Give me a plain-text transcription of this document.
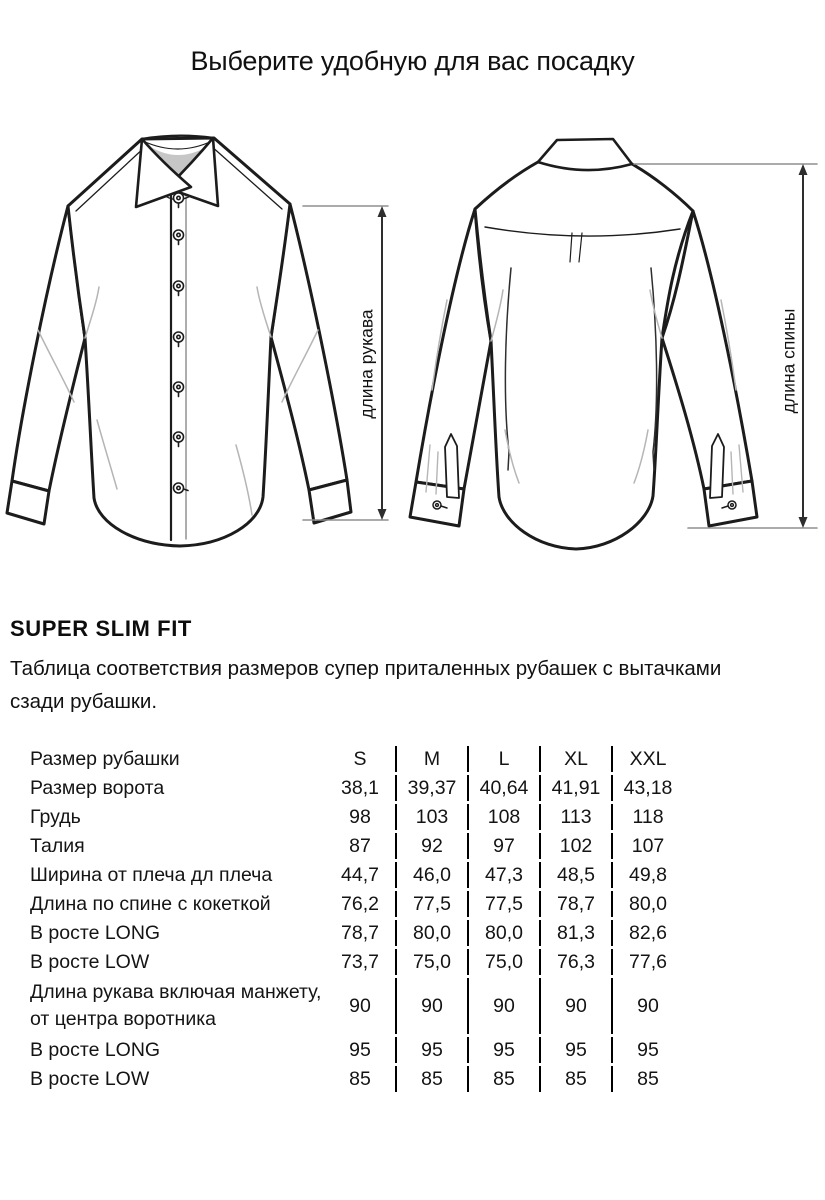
Выберите удобную для вас посадку
длина рукава	длина спины
SUPER SLIM FIT
Таблица соответствия размеров супер приталенных рубашек с вытачками
сзади рубашки.
Размер рубашки	S	M	L	XL	XXL
Размер ворота	38,1	39,37	40,64	41,91	43,18
Грудь	98	103	108	113	118
Талия	87	92	97	102	107
Ширина от плеча дл плеча	44,7	46,0	47,3	48,5	49,8
Длина по спине с кокеткой	76,2	77,5	77,5	78,7	80,0
В росте LONG	78,7	80,0	80,0	81,3	82,6
В росте LOW	73,7	75,0	75,0	76,3	77,6

Длина рукава включая манжету,
от центра воротника	90	90	90	90	90
В росте LONG	95	95	95	95	95
В росте LOW	85	85	85	85	85
